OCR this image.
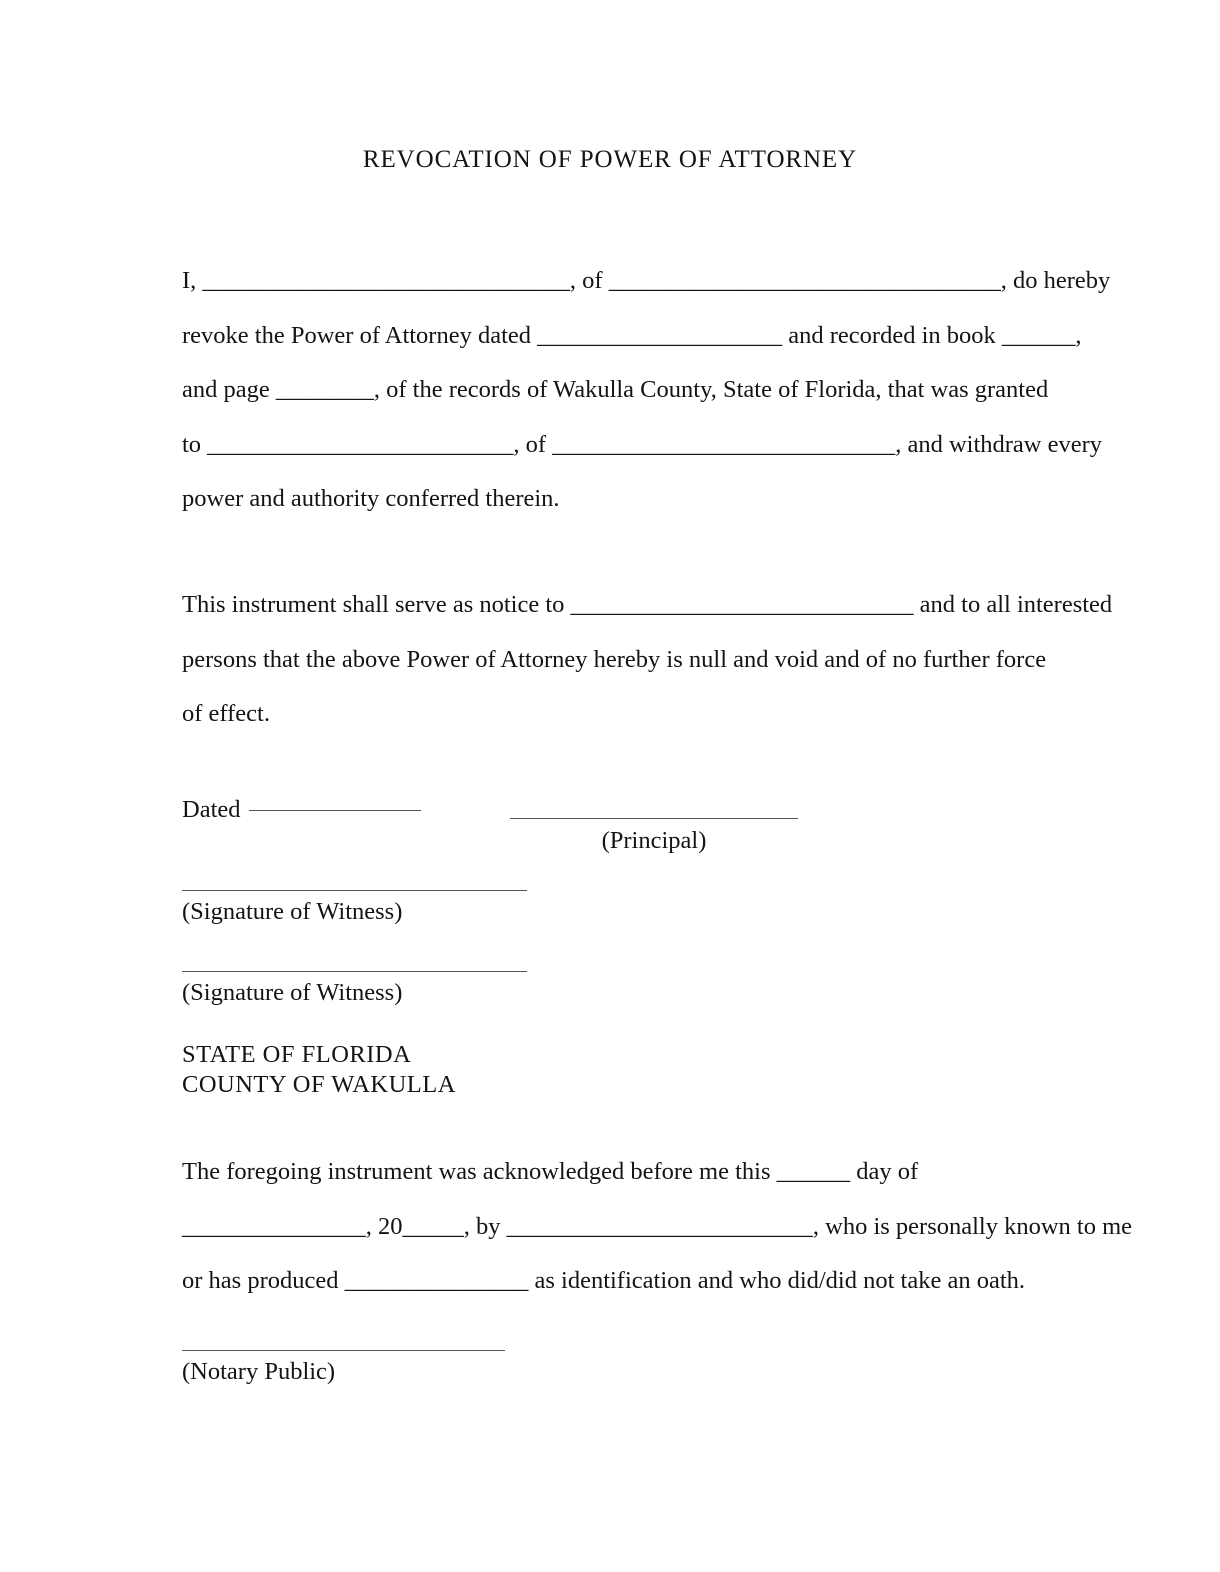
REVOCATION OF POWER OF ATTORNEY
I, ______________________________, of ________________________________, do hereby
revoke the Power of Attorney dated ____________________ and recorded in book ______,
and page ________, of the records of Wakulla County, State of Florida, that was granted
to _________________________, of ____________________________, and withdraw every
power and authority conferred therein.
This instrument shall serve as notice to ____________________________ and to all interested
persons that the above Power of Attorney hereby is null and void and of no further force
of effect.
Dated
(Principal)
(Signature of Witness)
(Signature of Witness)
STATE OF FLORIDA
COUNTY OF WAKULLA
The foregoing instrument was acknowledged before me this ______ day of
_______________, 20_____, by _________________________, who is personally known to me
or has produced _______________ as identification and who did/did not take an oath.
(Notary Public)
